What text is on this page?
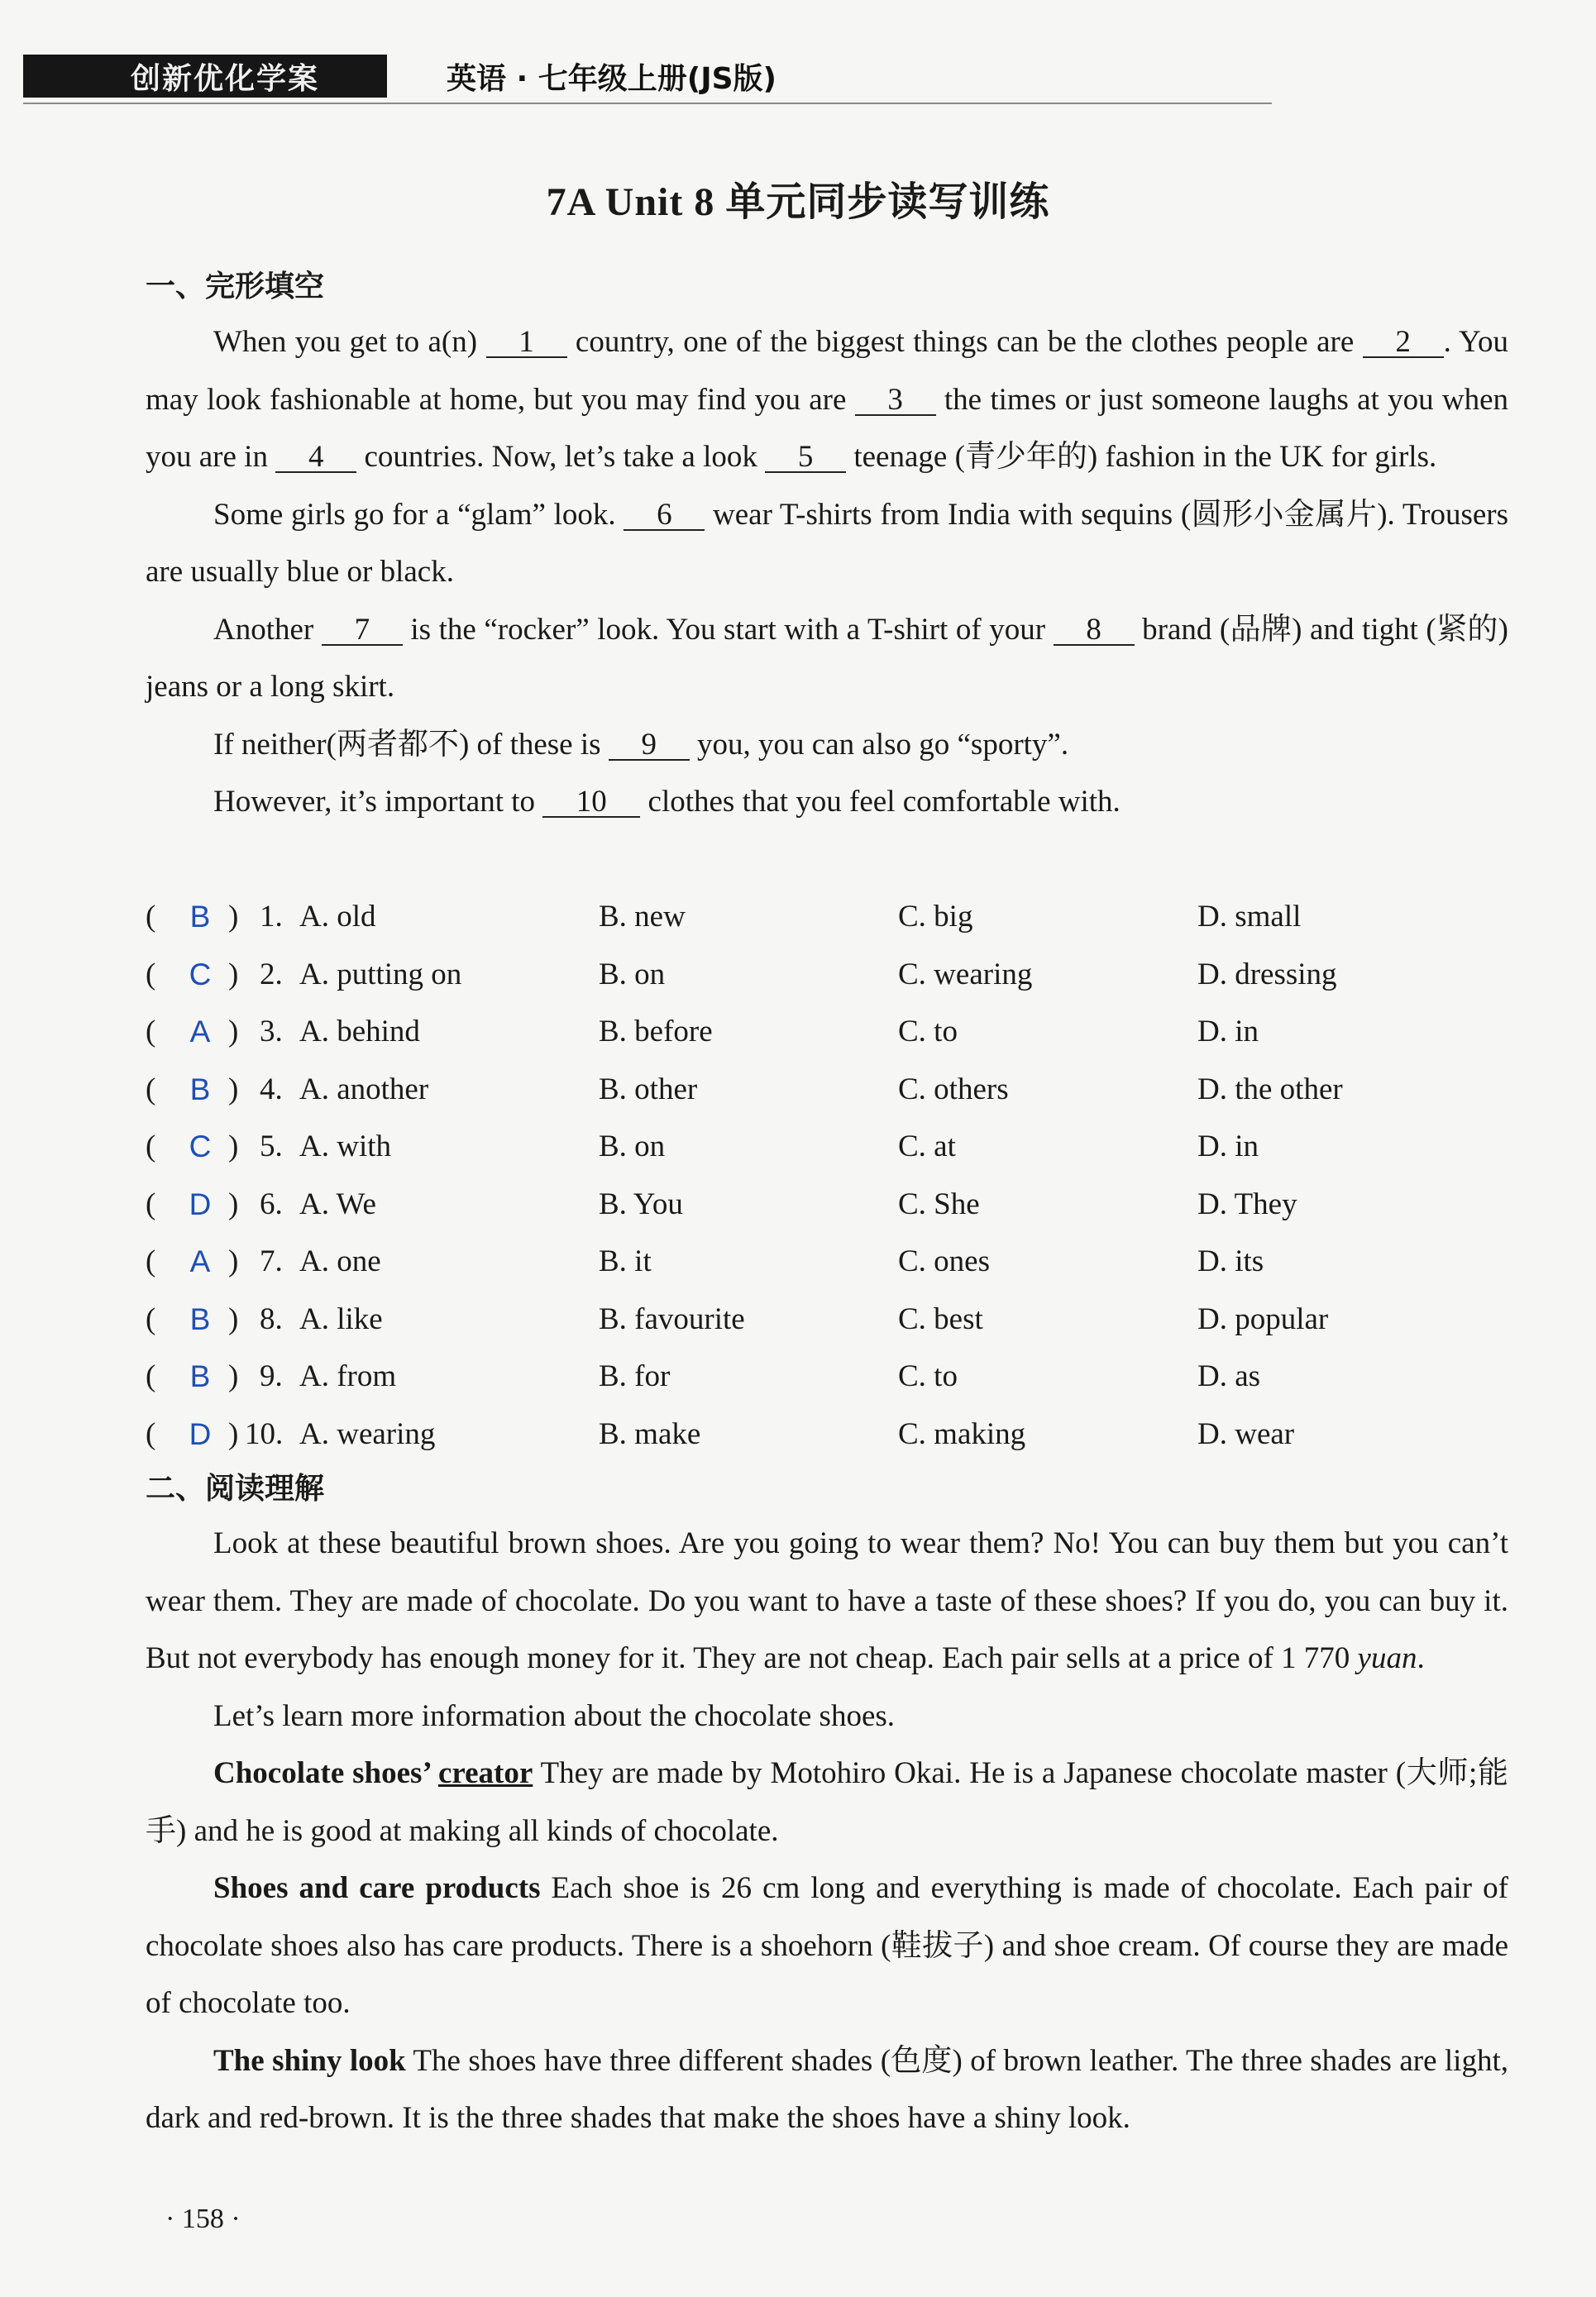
创新优化学案	英语 · 七年级上册(JS版)
7A Unit 8 单元同步读写训练
一、完形填空

When you get to a(n) 1 country, one of the biggest things can be the clothes people are 2 . You may look fashionable at home, but you may find you are 3 the times or just someone laughs at you when you are in 4 countries. Now, let’s take a look 5 teenage (青少年的) fashion in the UK for girls.

Some girls go for a “glam” look. 6 wear T-shirts from India with sequins (圆形小金属片). Trousers are usually blue or black.

Another 7 is the “rocker” look. You start with a T-shirt of your 8 brand (品牌) and tight (紧的) jeans or a long skirt.

If neither(两者都不) of these is 9 you, you can also go “sporty”.

However, it’s important to 10 clothes that you feel comfortable with.

(	B ) 1. A. old	B. new	C. big	D. small
(	C ) 2. A. putting on	B. on	C. wearing	D. dressing
(	A ) 3. A. behind	B. before	C. to	D. in
(	B ) 4. A. another	B. other	C. others	D. the other
(	C ) 5. A. with	B. on	C. at	D. in
(	D ) 6. A. We	B. You	C. She	D. They
(	A ) 7. A. one	B. it	C. ones	D. its
(	B ) 8. A. like	B. favourite	C. best	D. popular
(	B ) 9. A. from	B. for	C. to	D. as
(	D ) 10. A. wearing	B. make	C. making	D. wear
二、阅读理解

Look at these beautiful brown shoes. Are you going to wear them? No! You can buy them but you can’t wear them. They are made of chocolate. Do you want to have a taste of these shoes? If you do, you can buy it. But not everybody has enough money for it. They are not cheap. Each pair sells at a price of 1 770 yuan.

Let’s learn more information about the chocolate shoes.

Chocolate shoes’ creator They are made by Motohiro Okai. He is a Japanese chocolate master (大师;能手) and he is good at making all kinds of chocolate.

Shoes and care products Each shoe is 26 cm long and everything is made of chocolate. Each pair of chocolate shoes also has care products. There is a shoehorn (鞋拔子) and shoe cream. Of course they are made of chocolate too.

The shiny look The shoes have three different shades (色度) of brown leather. The three shades are light, dark and red-brown. It is the three shades that make the shoes have a shiny look.

· 158 ·
